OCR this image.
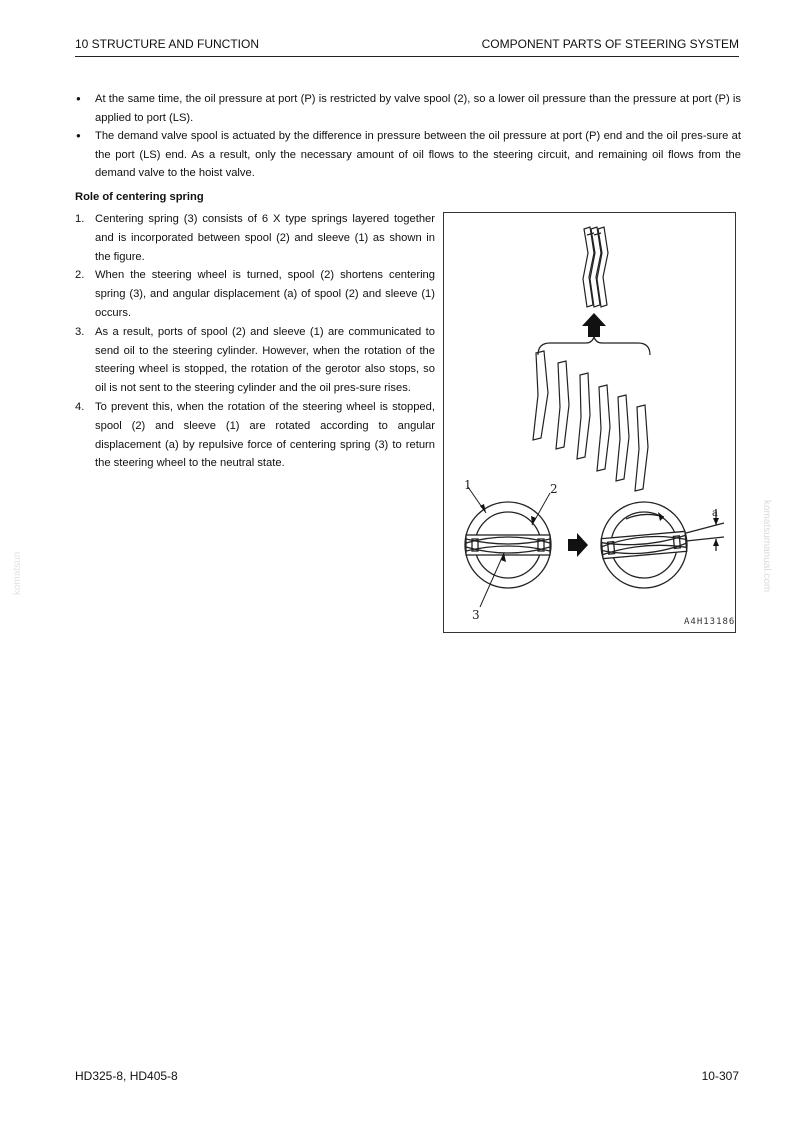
10 STRUCTURE AND FUNCTION	COMPONENT PARTS OF STEERING SYSTEM
● At the same time, the oil pressure at port (P) is restricted by valve spool (2), so a lower oil pressure than the pressure at port (P) is applied to port (LS).
● The demand valve spool is actuated by the difference in pressure between the oil pressure at port (P) end and the oil pres-sure at the port (LS) end. As a result, only the necessary amount of oil flows to the steering circuit, and remaining oil flows from the demand valve to the hoist valve.
Role of centering spring
1. Centering spring (3) consists of 6 X type springs layered together and is incorporated between spool (2) and sleeve (1) as shown in the figure.
2. When the steering wheel is turned, spool (2) shortens centering spring (3), and angular displacement (a) of spool (2) and sleeve (1) occurs.
3. As a result, ports of spool (2) and sleeve (1) are communicated to send oil to the steering cylinder. However, when the rotation of the steering wheel is stopped, the rotation of the gerotor also stops, so oil is not sent to the steering cylinder and the oil pres-sure rises.
4. To prevent this, when the rotation of the steering wheel is stopped, spool (2) and sleeve (1) are rotated according to angular displacement (a) by repulsive force of centering spring (3) to return the steering wheel to the neutral state.
1	2
3
a
A4H13186
komatsun	komatsumanual.com
HD325-8, HD405-8	10-307
